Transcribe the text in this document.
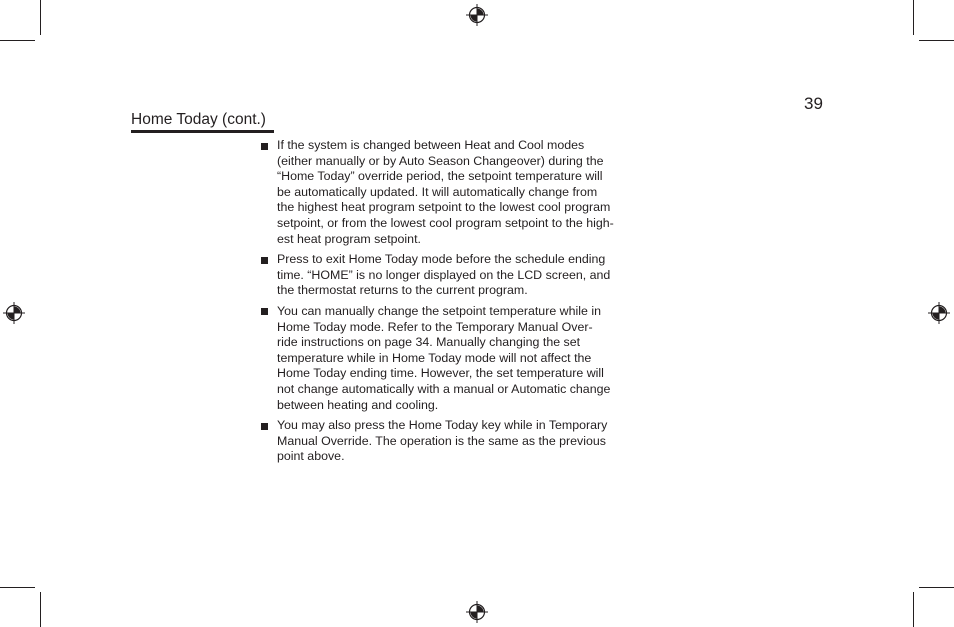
39
Home Today (cont.)
If the system is changed between Heat and Cool modes
(either manually or by Auto Season Changeover) during the
“Home Today” override period, the setpoint temperature will
be automatically updated. It will automatically change from
the highest heat program setpoint to the lowest cool program
setpoint, or from the lowest cool program setpoint to the high-
est heat program setpoint.
Press to exit Home Today mode before the schedule ending
time. “HOME” is no longer displayed on the LCD screen, and
the thermostat returns to the current program.
You can manually change the setpoint temperature while in
Home Today mode. Refer to the Temporary Manual Over-
ride instructions on page 34. Manually changing the set
temperature while in Home Today mode will not affect the
Home Today ending time. However, the set temperature will
not change automatically with a manual or Automatic change
between heating and cooling.
You may also press the Home Today key while in Temporary
Manual Override. The operation is the same as the previous
point above.
